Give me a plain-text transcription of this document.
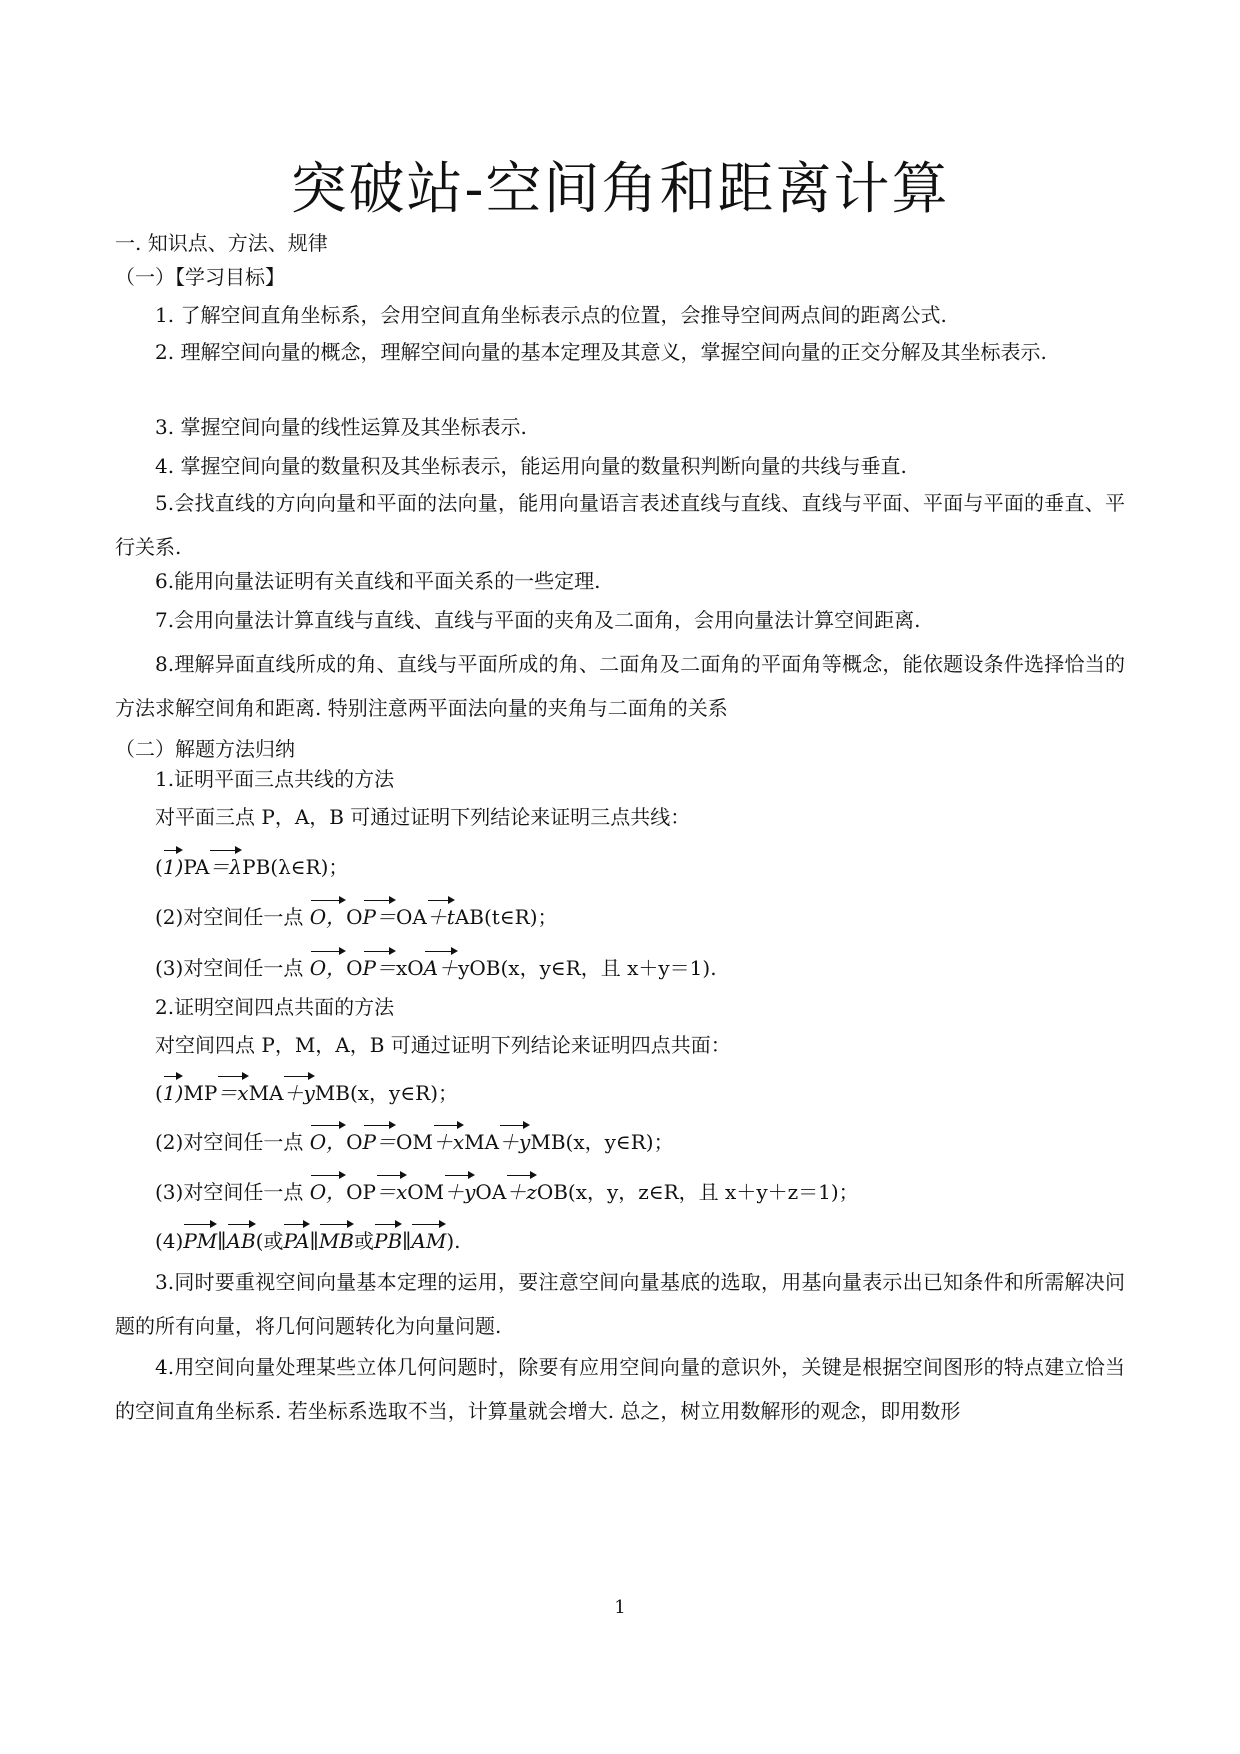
突破站-空间角和距离计算
一. 知识点、方法、规律
（一）【学习目标】
1. 了解空间直角坐标系，会用空间直角坐标表示点的位置，会推导空间两点间的距离公式.
2. 理解空间向量的概念，理解空间向量的基本定理及其意义，掌握空间向量的正交分解及其坐标表示.
3. 掌握空间向量的线性运算及其坐标表示.
4. 掌握空间向量的数量积及其坐标表示，能运用向量的数量积判断向量的共线与垂直.
5.会找直线的方向向量和平面的法向量，能用向量语言表述直线与直线、直线与平面、平面与平面的垂直、平行关系.
6.能用向量法证明有关直线和平面关系的一些定理.
7.会用向量法计算直线与直线、直线与平面的夹角及二面角，会用向量法计算空间距离.
8.理解异面直线所成的角、直线与平面所成的角、二面角及二面角的平面角等概念，能依题设条件选择恰当的方法求解空间角和距离. 特别注意两平面法向量的夹角与二面角的关系
（二）解题方法归纳
1.证明平面三点共线的方法
对平面三点 P，A，B 可通过证明下列结论来证明三点共线：
(1)PA＝λPB(λ∈R)；
(2)对空间任一点 O，OP＝OA＋tAB(t∈R)；
(3)对空间任一点 O，OP＝xOA＋yOB(x，y∈R，且 x＋y＝1).
2.证明空间四点共面的方法
对空间四点 P，M，A，B 可通过证明下列结论来证明四点共面：
(1)MP＝xMA＋yMB(x，y∈R)；
(2)对空间任一点 O，OP＝OM＋xMA＋yMB(x，y∈R)；
(3)对空间任一点 O，OP＝xOM＋yOA＋zOB(x，y，z∈R，且 x＋y＋z＝1)；
(4)PM∥AB(或PA∥MB或PB∥AM).
3.同时要重视空间向量基本定理的运用，要注意空间向量基底的选取，用基向量表示出已知条件和所需解决问题的所有向量，将几何问题转化为向量问题.
4.用空间向量处理某些立体几何问题时，除要有应用空间向量的意识外，关键是根据空间图形的特点建立恰当的空间直角坐标系. 若坐标系选取不当，计算量就会增大. 总之，树立用数解形的观念，即用数形
1
